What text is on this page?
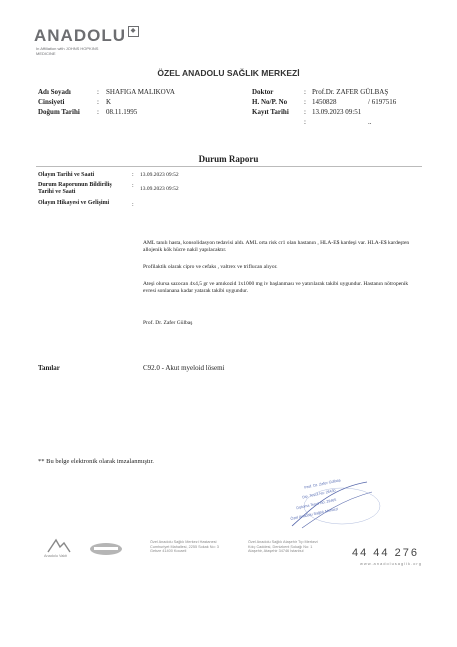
ANADOLU ◆
In Affiliation with JOHNS HOPKINS MEDICINE
ÖZEL ANADOLU SAĞLIK MERKEZİ
Adı Soyadı	: SHAFIGA MALIKOVA
Cinsiyeti	: K
Doğum Tarihi : 08.11.1995
Doktor	: Prof.Dr. ZAFER GÜLBAŞ
H. No/P. No : 1450828	/ 6197516
Kayıt Tarihi : 13.09.2023 09:51
:	..
Durum Raporu
Olayın Tarihi ve Saati	: 13.09.2023 09:52
Durum Raporunun Bildiriliş
Tarihi ve Saati
: 13.09.2023 09:52
Olayın Hikayesi ve Gelişimi	:
AML tanılı hasta, konsolidasyon tedavisi aldı. AML orta risk cr1 olan hastanın , HLA-E$ kardeşi var. HLA-E$ kardeşten allojenik kök hücre nakil yapılacaktır.
Profilaktik olarak cipro ve cefaks , valtrex ve triflucan alıyor.
Ateşi olursa sazocan 4x4,5 gr ve amıkozid 1x1000 mg iv başlanması ve yatırılarak takibi uygundur. Hastanın nötropenik evresi sonlanana kadar yatarak takibi uygundur.
Prof. Dr. Zafer Gülbaş
Tanılar	C92.0 - Akut myeloid lösemi
** Bu belge elektronik olarak imzalanmıştır.
Prof. Dr. Zafer Gülbaş
Dip. Tescil No: 28430
Diploma Tescil No: 29465
Özel Anadolu Sağlık Merkezi
Anadolu Vakfı
Özel Anadolu Sağlık Merkezi Hastanesi
Cumhuriyet Mahallesi, 2255 Sokak No: 3
Gebze 41400 Kocaeli
Özel Anadolu Sağlık Ataşehir Tıp Merkezi
Kılıç Caddesi, Denizkent Sokağı No: 1
Ataşehir, Ataşehir 34746 İstanbul	44 44 276
www.anadolusaglik.org
